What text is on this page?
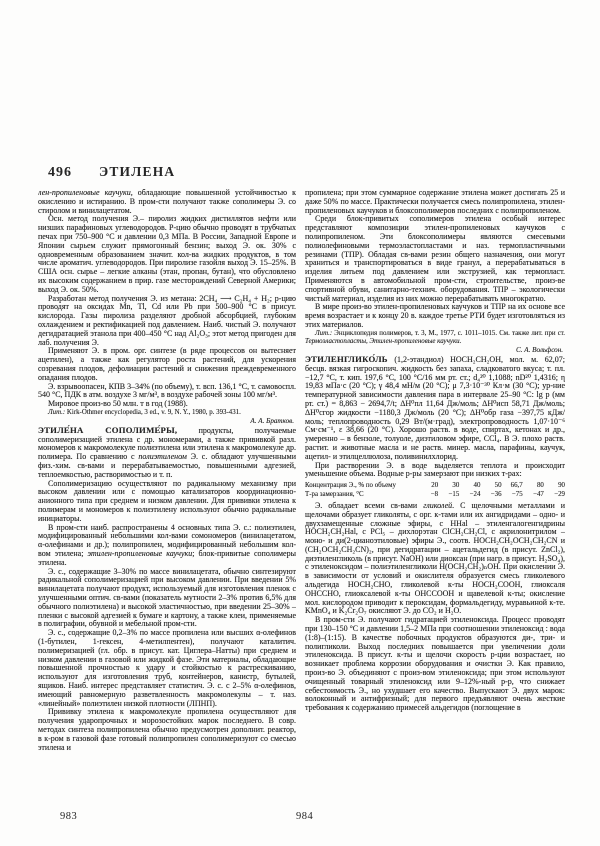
496 ЭТИЛЕНА

лен-пропиленовые каучуки, обладающие повышенной устойчивостью к окислению и истиранию. В пром-сти получают также сополимеры Э. со стиролом и винилацетатом.

Осн. метод получения Э.– пиролиз жидких дистиллятов нефти или низших парафиновых углеводородов. Р-цию обычно проводят в трубчатых печах при 750–900 °C и давлении 0,3 МПа. В России, Западной Европе и Японии сырьем служит прямогонный бензин; выход Э. ок. 30% с одновременным образованием значит. кол-ва жидких продуктов, в том числе ароматич. углеводородов. При пиролизе газойля выход Э. 15–25%. В США осн. сырье – легкие алканы (этан, пропан, бутан), что обусловлено их высоким содержанием в прир. газе месторождений Северной Америки; выход Э. ок. 50%.

Разработан метод получения Э. из метана: 2CH₄ ⟶ C₂H₄ + H₂; р-цию проводят на оксидах Mn, Tl, Cd или Pb при 500–900 °C в присут. кислорода. Газы пиролиза разделяют дробной абсорбцией, глубоким охлаждением и ректификацией под давлением. Наиб. чистый Э. получают дегидратацией этанола при 400–450 °C над Al₂O₃; этот метод пригоден для лаб. получения Э.

Применяют Э. в пром. орг. синтезе (в ряде процессов он вытесняет ацетилен), а также как регулятор роста растений, для ускорения созревания плодов, дефолиации растений и снижения преждевременного опадания плодов.

Э. взрывоопасен, КПВ 3–34% (по объему), т. всп. 136,1 °C, т. самовоспл. 540 °C, ПДК в атм. воздухе 3 мг/м³, в воздухе рабочей зоны 100 мг/м³.

Мировое произ-во 50 млн. т в год (1988).

Лит.: Kirk-Othmer encyclopedia, 3 ed., v. 9, N. Y., 1980, p. 393-431.

А. А. Братков.

ЭТИЛЕ́НА СОПОЛИМЕ́РЫ, продукты, получаемые сополимеризацией этилена с др. мономерами, а также прививкой разл. мономеров к макромолекуле полиэтилена или этилена к макромолекуле др. полимера. По сравнению с полиэтиленом Э. с. обладают улучшенными физ.-хим. св-вами и перерабатываемостью, повышенными адгезией, теплоемкостью, растворимостью и т. п.

Сополимеризацию осуществляют по радикальному механизму при высоком давлении или с помощью катализаторов координационно-анионного типа при среднем и низком давлении. Для прививки этилена к полимерам и мономеров к полиэтилену используют обычно радикальные инициаторы.

В пром-сти наиб. распространены 4 основных типа Э. с.: полиэтилен, модифицированный небольшими кол-вами сомономеров (винилацетатом, α-олефинами и др.); полипропилен, модифицированный небольшим кол-вом этилена; этилен-пропиленовые каучуки; блок-привитые сополимеры этилена.

Э. с., содержащие 3–30% по массе винилацетата, обычно синтезируют радикальной сополимеризацией при высоком давлении. При введении 5% винилацетата получают продукт, используемый для изготовления пленок с улучшенными оптич. св-вами (показатель мутности 2–3% против 6,5% для обычного полиэтилена) и высокой эластичностью, при введении 25–30% – пленки с высокой адгезией к бумаге и картону, а также клеи, применяемые в полиграфии, обувной и мебельной пром-сти.

Э. с., содержащие 0,2–3% по массе пропилена или высших α-олефинов (1-бутилен, 1-гексен, 4-метилпентен), получают каталитич. полимеризацией (гл. обр. в присут. кат. Циглера–Натты) при среднем и низком давлении в газовой или жидкой фазе. Эти материалы, обладающие повышенной прочностью к удару и стойкостью к растрескиванию, используют для изготовления труб, контейнеров, канистр, бутылей, ящиков. Наиб. интерес представляет статистич. Э. с. с 2–5% α-олефинов, имеющий равномерную разветвленность макромолекулы – т. наз. «линейный» полиэтилен низкой плотности (ЛПНП).

Прививку этилена к макромолекуле пропилена осуществляют для получения ударопрочных и морозостойких марок последнего. В совр. методах синтеза полипропилена обычно предусмотрен дополнит. реактор, в к-ром в газовой фазе готовый полипропилен сополимеризуют со смесью этилена и

пропилена; при этом суммарное содержание этилена может достигать 25 и даже 50% по массе. Практически получается смесь полипропилена, этилен-пропиленовых каучуков и блоксополимеров последних с полипропиленом.

Среди блок-привитых сополимеров этилена особый интерес представляют композиции этилен-пропиленовых каучуков с полипропиленом. Эти блоксополимеры являются смесевыми полиолефиновыми термоэластопластами и наз. термопластичными резинами (ТПР). Обладая св-вами резин общего назначения, они могут храниться и транспортироваться в виде гранул, а перерабатываться в изделия литьем под давлением или экструзией, как термопласт. Применяются в автомобильной пром-сти, строительстве, произ-ве спортивной обуви, санитарно-технич. оборудования. ТПР – экологически чистый материал, изделия из них можно перерабатывать многократно.

В мире произ-во этилен-пропиленовых каучуков и ТПР на их основе все время возрастает и к концу 20 в. каждое третье РТИ будет изготовляться из этих материалов.

Лит.: Энциклопедия полимеров, т. 3, М., 1977, с. 1011–1015. См. также лит. при ст. Термоэластопласты, Этилен-пропиленовые каучуки.

С. А. Вольфсон.

ЭТИЛЕНГЛИКО́ЛЬ (1,2-этандиол) HOCH₂CH₂OH, мол. м. 62,07; бесцв. вязкая гигроскопич. жидкость без запаха, сладковатого вкуса; т. пл. −12,7 °C, т. кип. 197,6 °C, 100 °C/16 мм рт. ст.; d₄²⁰ 1,1088; nD²⁰ 1,4316; η 19,83 мПа·с (20 °C); γ 48,4 мН/м (20 °C); μ 7,3·10⁻³⁰ Кл·м (30 °C); ур-ние температурной зависимости давления пара в интервале 25–90 °C: lg p (мм рт. ст.) = 8,863 − 2694,7/t; ΔH⁰пл 11,64 Дж/моль; ΔH⁰исп 58,71 Дж/моль; ΔH⁰сгор жидкости −1180,3 Дж/моль (20 °C); ΔH⁰обр газа −397,75 кДж/моль; теплопроводность 0,29 Вт/(м·град), электропроводность 1,07·10⁻⁶ См·см⁻¹, ε 38,66 (20 °C). Хорошо раств. в воде, спиртах, кетонах и др., умеренно – в бензоле, толуоле, диэтиловом эфире, CCl₄. В Э. плохо раств. растит. и животные масла и не раств. минер. масла, парафины, каучук, ацетил- и этилцеллюлоза, поливинилхлорид.

При растворении Э. в воде выделяется теплота и происходит уменьшение объема. Водные р-ры замерзают при низких т-рах:

Концентрация Э., % по объему	20	30	40	50	66,7	80	90
Т-ра замерзания, °C	−8	−15	−24	−36	−75	−47	−29

Э. обладает всеми св-вами гликолей. С щелочными металлами и щелочами образует гликоляты, с орг. к-тами или их ангидридами – одно- и двухзамещенные сложные эфиры, с HHal – этиленгалогенгидрины HOCH₂CH₂Hal, с PCl₅ – дихлорэтан ClCH₂CH₂Cl, с акрилонитрилом – моно- и ди(2-цианоэтиловые) эфиры Э., соотв. HOCH₂CH₂OCH₂CH₂CN и (CH₂OCH₂CH₂CN)₂, при дегидратации – ацетальдегид (в присут. ZnCl₂), диэтиленгликоль (в присут. NaOH) или диоксан (при нагр. в присут. H₂SO₄), с этиленоксидом – полиэтиленгликоли H(OCH₂CH₂)ₙOH. При окислении Э. в зависимости от условий и окислителя образуется смесь гликолевого альдегида HOCH₂CHO, гликолевой к-ты HOCH₂COOH, глиоксаля OHCCHO, глиоксалевой к-ты OHCCOOH и щавелевой к-ты; окисление мол. кислородом приводит к пероксидам, формальдегиду, муравьиной к-те. KMnO₄ и K₂Cr₂O₇ окисляют Э. до CO₂ и H₂O.

В пром-сти Э. получают гидратацией этиленоксида. Процесс проводят при 130–150 °C и давлении 1,5–2 МПа при соотношении этиленоксид : вода (1:8)–(1:15). В качестве побочных продуктов образуются ди-, три- и полигликоли. Выход последних повышается при увеличении доли этиленоксида. В присут. к-ты и щелочи скорость р-ции возрастает, но возникает проблема коррозии оборудования и очистки Э. Как правило, произ-во Э. объединяют с произ-вом этиленоксида; при этом используют очищенный товарный этиленоксид или 9–12%-ный р-р, что снижает себестоимость Э., но ухудшает его качество. Выпускают Э. двух марок: волоконный и антифризный; для первого предъявляют очень жесткие требования к содержанию примесей альдегидов (поглощение в

983	984
